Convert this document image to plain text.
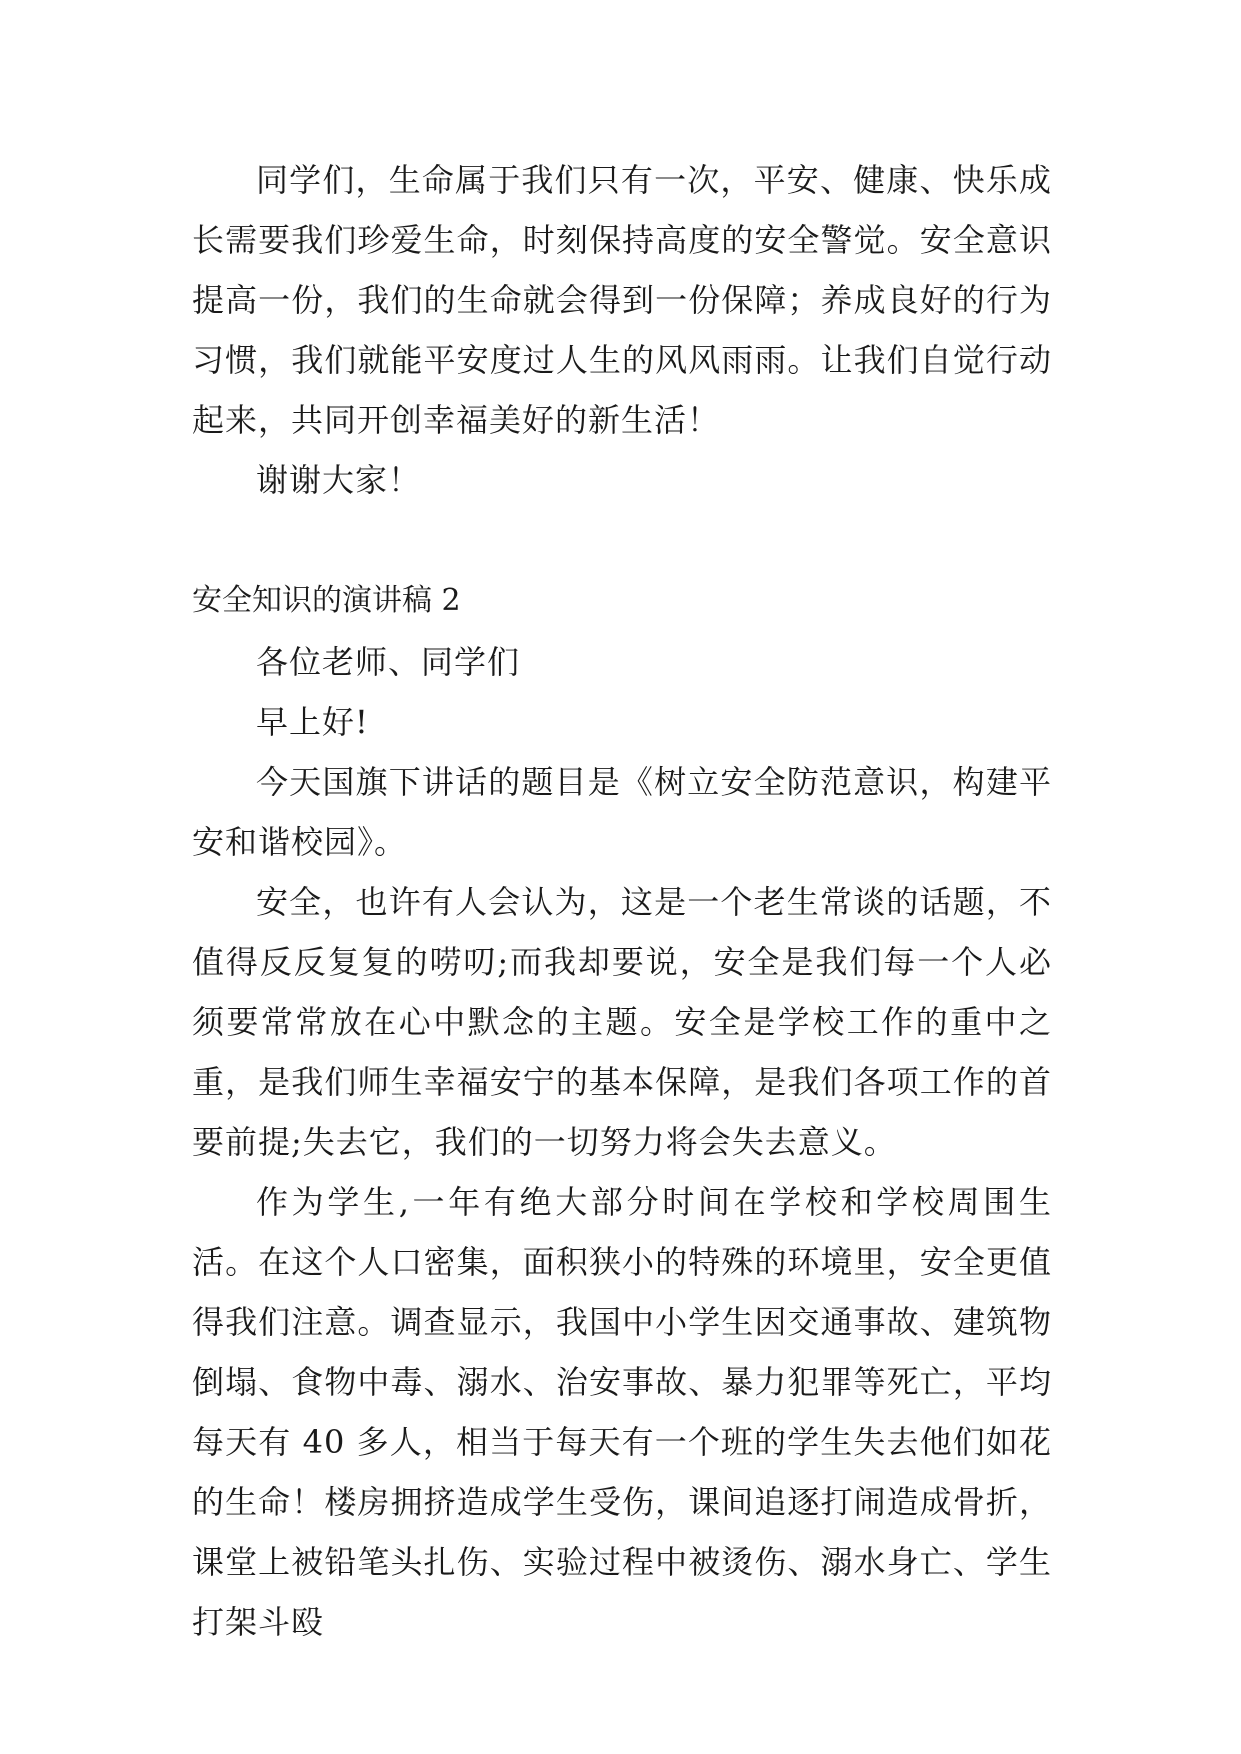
同学们，生命属于我们只有一次，平安、健康、快乐成长需要我们珍爱生命，时刻保持高度的安全警觉。安全意识提高一份，我们的生命就会得到一份保障；养成良好的行为习惯，我们就能平安度过人生的风风雨雨。让我们自觉行动起来，共同开创幸福美好的新生活！

谢谢大家！

安全知识的演讲稿 2

各位老师、同学们

早上好!

今天国旗下讲话的题目是《树立安全防范意识，构建平安和谐校园》。

安全，也许有人会认为，这是一个老生常谈的话题，不值得反反复复的唠叨;而我却要说，安全是我们每一个人必须要常常放在心中默念的主题。安全是学校工作的重中之重，是我们师生幸福安宁的基本保障，是我们各项工作的首要前提;失去它，我们的一切努力将会失去意义。

作为学生,一年有绝大部分时间在学校和学校周围生活。在这个人口密集，面积狭小的特殊的环境里，安全更值得我们注意。调查显示，我国中小学生因交通事故、建筑物倒塌、食物中毒、溺水、治安事故、暴力犯罪等死亡，平均每天有 40 多人，相当于每天有一个班的学生失去他们如花的生命！楼房拥挤造成学生受伤，课间追逐打闹造成骨折，课堂上被铅笔头扎伤、实验过程中被烫伤、溺水身亡、学生打架斗殴
